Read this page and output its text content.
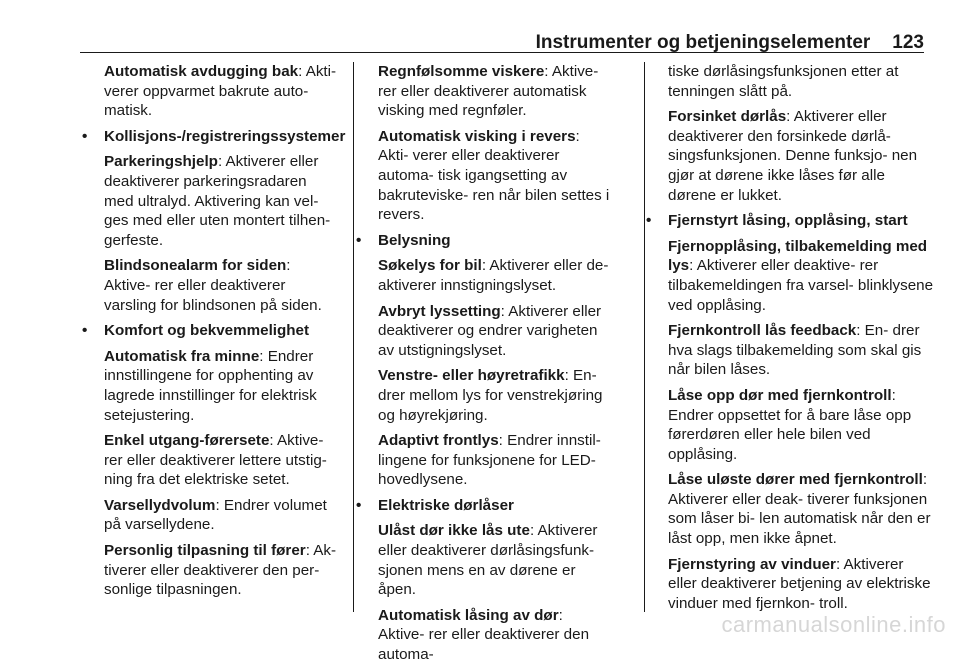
Instrumenter og betjeningselementer 123

Automatisk avdugging bak: Akti- verer oppvarmet bakrute auto- matisk.

• Kollisjons-/registreringssystemer

Parkeringshjelp: Aktiverer eller deaktiverer parkeringsradaren med ultralyd. Aktivering kan vel- ges med eller uten montert tilhen- gerfeste.

Blindsonealarm for siden: Aktive- rer eller deaktiverer varsling for blindsonen på siden.

• Komfort og bekvemmelighet

Automatisk fra minne: Endrer innstillingene for opphenting av lagrede innstillinger for elektrisk setejustering.

Enkel utgang-førersete: Aktive- rer eller deaktiverer lettere utstig- ning fra det elektriske setet.

Varsellydvolum: Endrer volumet på varsellydene.

Personlig tilpasning til fører: Ak- tiverer eller deaktiverer den per- sonlige tilpasningen.

Regnfølsomme viskere: Aktive- rer eller deaktiverer automatisk visking med regnføler.

Automatisk visking i revers: Akti- verer eller deaktiverer automa- tisk igangsetting av bakruteviske- ren når bilen settes i revers.

• Belysning

Søkelys for bil: Aktiverer eller de- aktiverer innstigningslyset.

Avbryt lyssetting: Aktiverer eller deaktiverer og endrer varigheten av utstigningslyset.

Venstre- eller høyretrafikk: En- drer mellom lys for venstrekjøring og høyrekjøring.

Adaptivt frontlys: Endrer innstil- lingene for funksjonene for LED- hovedlysene.

• Elektriske dørlåser

Ulåst dør ikke lås ute: Aktiverer eller deaktiverer dørlåsingsfunk- sjonen mens en av dørene er åpen.

Automatisk låsing av dør: Aktive- rer eller deaktiverer den automa-

tiske dørlåsingsfunksjonen etter at tenningen slått på.

Forsinket dørlås: Aktiverer eller deaktiverer den forsinkede dørlå- singsfunksjonen. Denne funksjo- nen gjør at dørene ikke låses før alle dørene er lukket.

• Fjernstyrt låsing, opplåsing, start

Fjernopplåsing, tilbakemelding med lys: Aktiverer eller deaktive- rer tilbakemeldingen fra varsel- blinklysene ved opplåsing.

Fjernkontroll lås feedback: En- drer hva slags tilbakemelding som skal gis når bilen låses.

Låse opp dør med fjernkontroll: Endrer oppsettet for å bare låse opp førerdøren eller hele bilen ved opplåsing.

Låse uløste dører med fjernkontroll: Aktiverer eller deak- tiverer funksjonen som låser bi- len automatisk når den er låst opp, men ikke åpnet.

Fjernstyring av vinduer: Aktiverer eller deaktiverer betjening av elektriske vinduer med fjernkon- troll.

carmanualsonline.info
